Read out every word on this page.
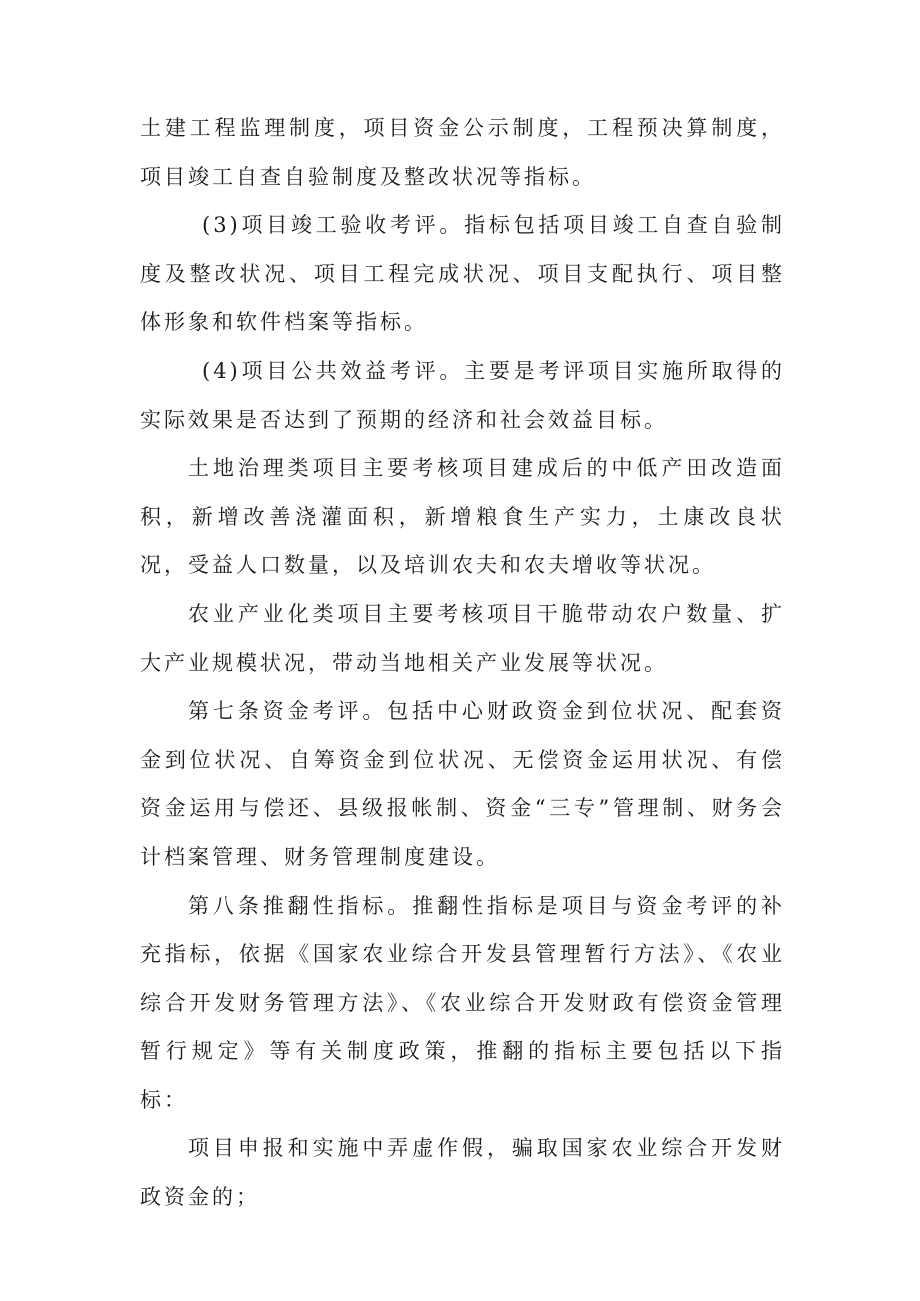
土建工程监理制度，项目资金公示制度，工程预决算制度，项目竣工自查自验制度及整改状况等指标。

(3)项目竣工验收考评。指标包括项目竣工自查自验制度及整改状况、项目工程完成状况、项目支配执行、项目整体形象和软件档案等指标。

(4)项目公共效益考评。主要是考评项目实施所取得的实际效果是否达到了预期的经济和社会效益目标。

土地治理类项目主要考核项目建成后的中低产田改造面积，新增改善浇灌面积，新增粮食生产实力，土康改良状况，受益人口数量，以及培训农夫和农夫增收等状况。

农业产业化类项目主要考核项目干脆带动农户数量、扩大产业规模状况，带动当地相关产业发展等状况。

第七条资金考评。包括中心财政资金到位状况、配套资金到位状况、自筹资金到位状况、无偿资金运用状况、有偿资金运用与偿还、县级报帐制、资金“三专”管理制、财务会计档案管理、财务管理制度建设。

第八条推翻性指标。推翻性指标是项目与资金考评的补充指标，依据《国家农业综合开发县管理暂行方法》、《农业综合开发财务管理方法》、《农业综合开发财政有偿资金管理暂行规定》等有关制度政策，推翻的指标主要包括以下指标：

项目申报和实施中弄虚作假，骗取国家农业综合开发财政资金的；
